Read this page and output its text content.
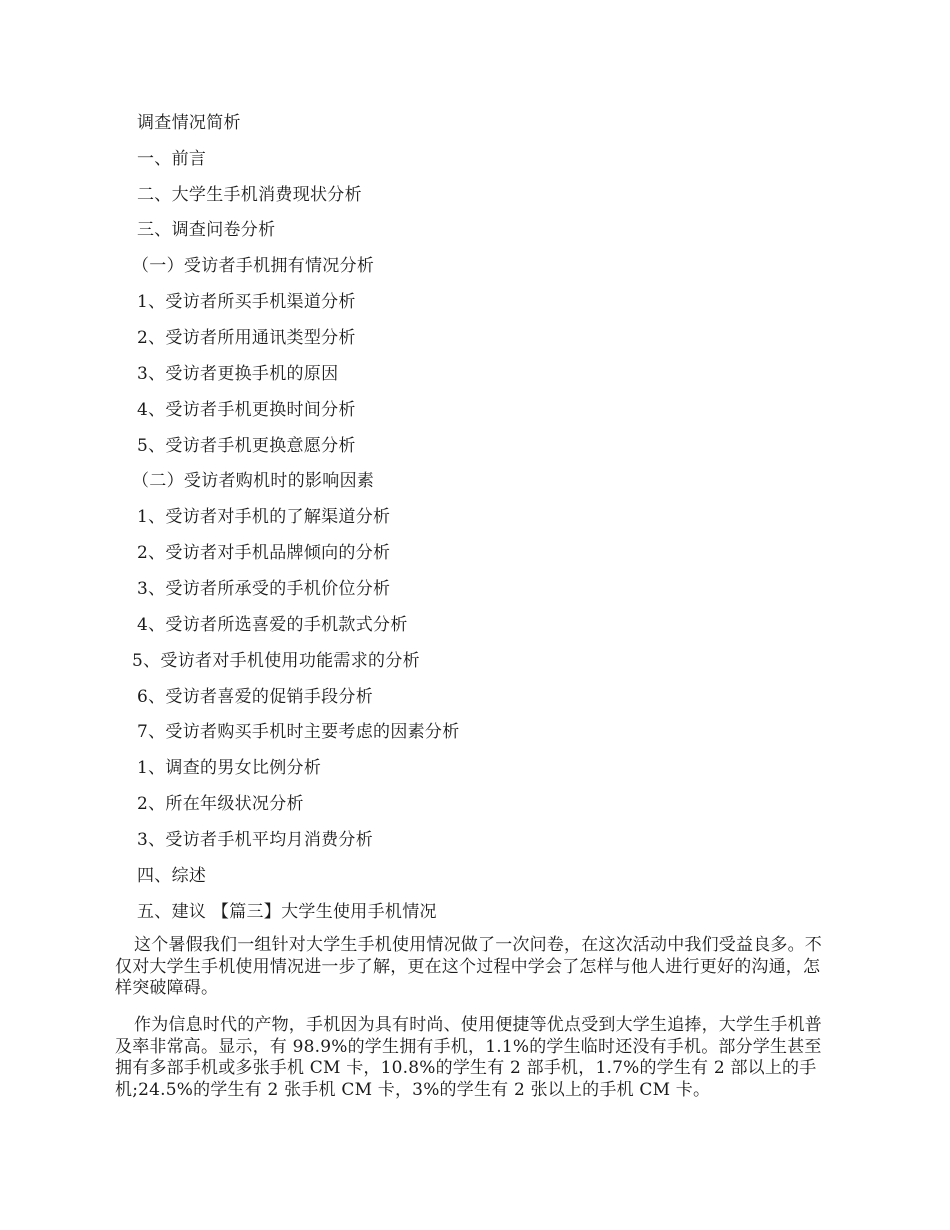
调查情况简析
一、前言
二、大学生手机消费现状分析
三、调查问卷分析
（一）受访者手机拥有情况分析
1、受访者所买手机渠道分析
2、受访者所用通讯类型分析
3、受访者更换手机的原因
4、受访者手机更换时间分析
5、受访者手机更换意愿分析
（二）受访者购机时的影响因素
1、受访者对手机的了解渠道分析
2、受访者对手机品牌倾向的分析
3、受访者所承受的手机价位分析
4、受访者所选喜爱的手机款式分析
5、受访者对手机使用功能需求的分析
6、受访者喜爱的促销手段分析
7、受访者购买手机时主要考虑的因素分析
1、调查的男女比例分析
2、所在年级状况分析
3、受访者手机平均月消费分析
四、综述
五、建议 【篇三】大学生使用手机情况

这个暑假我们一组针对大学生手机使用情况做了一次问卷，在这次活动中我们受益良多。不仅对大学生手机使用情况进一步了解，更在这个过程中学会了怎样与他人进行更好的沟通，怎样突破障碍。

作为信息时代的产物，手机因为具有时尚、使用便捷等优点受到大学生追捧，大学生手机普及率非常高。显示，有 98.9%的学生拥有手机，1.1%的学生临时还没有手机。部分学生甚至拥有多部手机或多张手机 CM 卡，10.8%的学生有 2 部手机，1.7%的学生有 2 部以上的手机;24.5%的学生有 2 张手机 CM 卡，3%的学生有 2 张以上的手机 CM 卡。
